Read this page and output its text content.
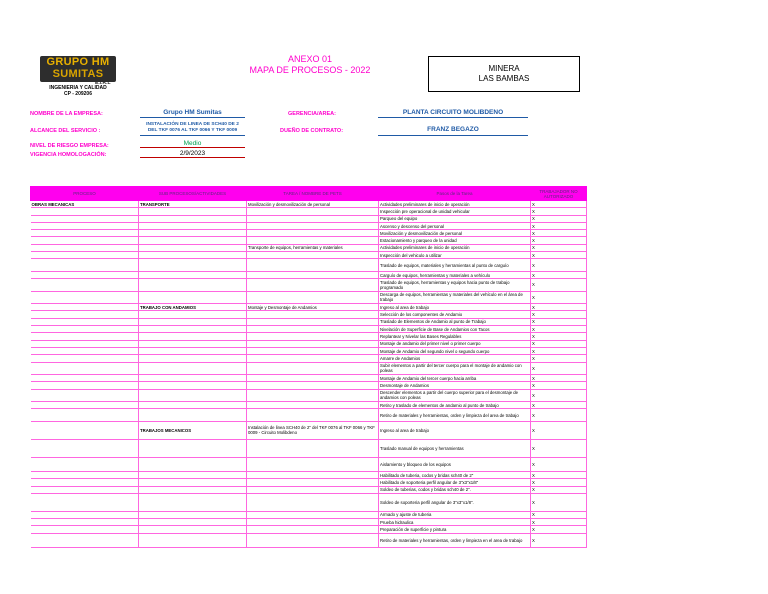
GRUPO HM
SUMITAS
E.I.R.L
INGENIERIA Y CALIDAD
CP - 209206
ANEXO 01
MAPA DE PROCESOS - 2022	MINERA
LAS BAMBAS
NOMBRE DE LA EMPRESA:	Grupo HM Sumitas	GERENCIA/AREA:	PLANTA CIRCUITO MOLIBDENO
ALCANCE DEL SERVICIO :
INSTALACIÓN DE LINEA DE SCH40 DE 2
DEL TKF 0076 AL TKF 0066 Y TKF 0009	DUEÑO DE CONTRATO:	FRANZ BEGAZO
NIVEL DE RIESGO EMPRESA:	Medio
VIGENCIA HOMOLOGACIÓN:	2/9/2023
PROCESO	SUB PROCESOS/ACTIVIDADES	TAREA / NOMBRE DE PETS	Pasos de la Tarea	TRABAJADOR NO AUTORIZADO
OBRAS MECANICAS	TRANSPORTE	Movilización y desmovilización de personal	Actividades preliminares de inicio de operación	X
			Inspección pre operacional de unidad vehicular	X
			Parqueo del equipo	X
			Ascenso y descenso del personal	X
			Movilización y desmovilización de personal	X
			Estacionamiento y parqueo de la unidad	X
		Transporte de equipos, herramientas y materiales	Actividades preliminares de inicio de operación	X
			Inspección del vehiculo a utilizar	X
			Traslado de equipos, materiales y herramientas al punto de carguío	X
			Carguío de equipos, herramientas y materiales a vehículo	X
			Traslado de equipos, herramientas y equipos hacia punto de trabajo programado	X
			Descarga de equipos, herramientas y materiales del vehículo en el área de trabajo	X
	TRABAJO CON ANDAMIOS	Montaje y Desmontaje de Andamios	Ingreso al area de trabajo	X
			Selección de los componentes de Andamio	X
			Traslado de Elementos de Andamio al punto de Trabajo	X
			Nivelación de Superficie de Base de Andamios con Tacos	X
			Replantear y Nivelar las Bases Regulables	X
			Montaje de andamio del primer nivel o primer cuerpo	X
			Montaje de Andamio del segundo nivel o segundo cuerpo	X
			Amarre de Andamios	X
			Subir elementos a partir del tercer cuerpo para el montaje de andamio con poleas	X
			Montaje de Andamio del tercer cuerpo hacia arriba	X
			Desmontaje de Andamios	X
			Descender elementos a partir del cuerpo superior para el desmontaje de andamios con poleas	X
			Retiro y traslado de elementos de andamio al punto de trabajo	X
			Retiro de materiales y herramientas, orden y limpieza del area de trabajo	X
	TRABAJOS MECANICOS	Instalación de linea SCH40 de 2" del TKF 0076 al TKF 0066 y TKF 0009 - Circuito Molibdeno	Ingreso al area de trabajo	X
			Traslado manual de equipos y herramientas	X
			Aislamiento y bloqueo de los equipos	X
			Habilitado de tuberia, codos y bridas sch40 de 2"	X
			Habilitado de soporteria perfil angular de 3"x3"x1/8"	X
			Soldeo de tuberias, codos y bridas sch40 de 2".	X
			Soldeo de soporteria perfil angular de 3"x3"x1/8".	X
			Armado y ajuste de tuberia	X
			Prueba hidraulica	X
			Preparación de superficie y pintura	X
			Retiro de materiales y herramientas, orden y limpieza en el area de trabajo	X
